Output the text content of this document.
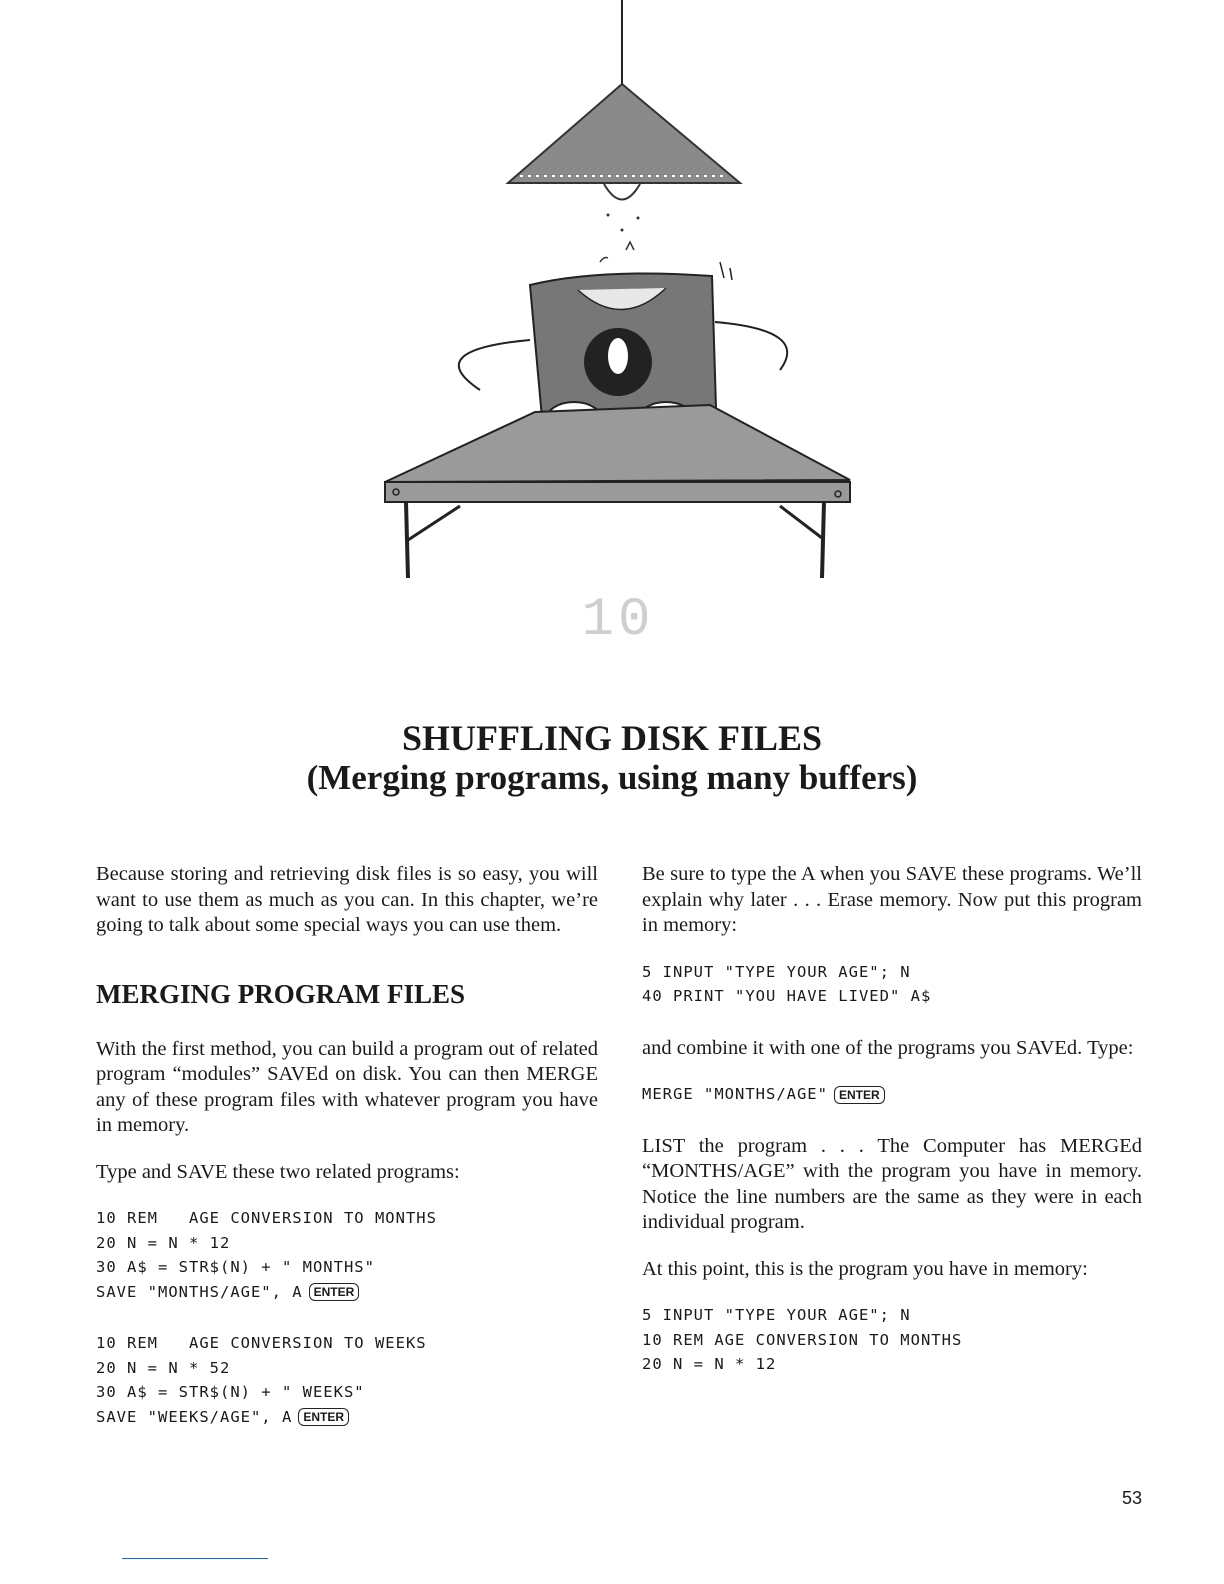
10
SHUFFLING DISK FILES
(Merging programs, using many buffers)

Because storing and retrieving disk files is so easy, you will want to use them as much as you can. In this chapter, we’re going to talk about some special ways you can use them.

MERGING PROGRAM FILES

With the first method, you can build a program out of related program “modules” SAVEd on disk. You can then MERGE any of these program files with whatever program you have in memory.

Type and SAVE these two related programs:

10 REM   AGE CONVERSION TO MONTHS
20 N = N * 12
30 A$ = STR$(N) + " MONTHS"
SAVE "MONTHS/AGE", A ENTER
10 REM   AGE CONVERSION TO WEEKS
20 N = N * 52
30 A$ = STR$(N) + " WEEKS"
SAVE "WEEKS/AGE", A ENTER

Be sure to type the A when you SAVE these programs. We’ll explain why later . . . Erase memory. Now put this program in memory:

5 INPUT "TYPE YOUR AGE"; N
40 PRINT "YOU HAVE LIVED" A$

and combine it with one of the programs you SAVEd. Type:

MERGE "MONTHS/AGE" ENTER

LIST the program . . . The Computer has MERGEd “MONTHS/AGE” with the program you have in memory. Notice the line numbers are the same as they were in each individual program.

At this point, this is the program you have in memory:

5 INPUT "TYPE YOUR AGE"; N
10 REM AGE CONVERSION TO MONTHS
20 N = N * 12
53
